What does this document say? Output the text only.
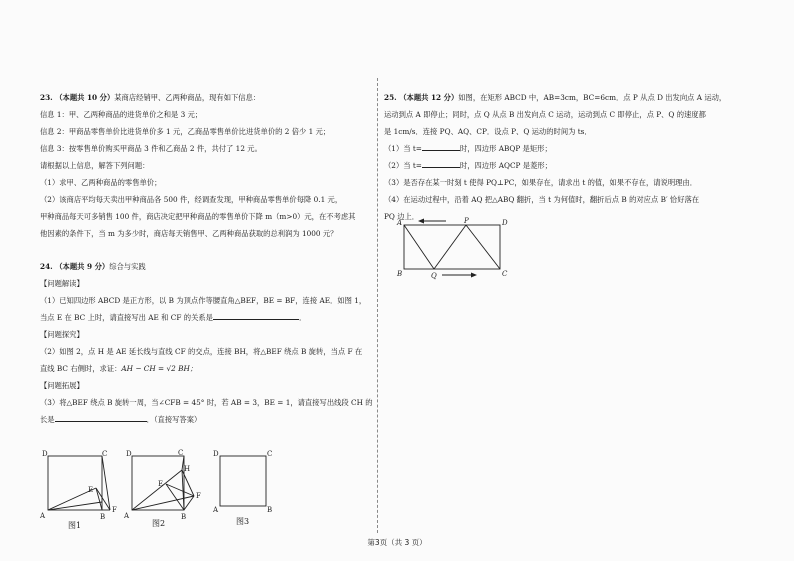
23. （本题共 10 分）某商店经销甲、乙两种商品，现有如下信息：
信息 1：甲、乙两种商品的进货单价之和是 3 元；
信息 2：甲商品零售单价比进货单价多 1 元，乙商品零售单价比进货单价的 2 倍少 1 元；
信息 3：按零售单价购买甲商品 3 件和乙商品 2 件，共付了 12 元。
请根据以上信息，解答下列问题：
（1）求甲、乙两种商品的零售单价；
（2）该商店平均每天卖出甲种商品各 500 件，经调查发现，甲种商品零售单价每降 0.1 元，
甲种商品每天可多销售 100 件，商店决定把甲种商品的零售单价下降 m（m>0）元，在不考虑其
他因素的条件下，当 m 为多少时，商店每天销售甲、乙两种商品获取的总利润为 1000 元？
24. （本题共 9 分）综合与实践
【问题解读】
（1）已知四边形 ABCD 是正方形，以 B 为顶点作等腰直角△BEF，BE = BF，连接 AE．如图 1，
当点 E 在 BC 上时，请直接写出 AE 和 CF 的关系是	．
【问题探究】
（2）如图 2，点 H 是 AE 延长线与直线 CF 的交点，连接 BH，将△BEF 绕点 B 旋转，当点 F 在
直线 BC 右侧时，求证：AH − CH = √2 BH；
【问题拓展】
（3）将△BEF 绕点 B 旋转一周，当∠CFB = 45° 时，若 AB = 3，BE = 1，请直接写出线段 CH 的
长是	．（直接写答案）
D	C
A	B
E
F
图1
D	C
H
E
F
A	B
图2
D	C
A	B
图3
25. （本题共 12 分）如图，在矩形 ABCD 中，AB=3cm，BC=6cm．点 P 从点 D 出发向点 A 运动，
运动到点 A 即停止；同时，点 Q 从点 B 出发向点 C 运动，运动到点 C 即停止，点 P、Q 的速度都
是 1cm/s．连接 PQ、AQ、CP．设点 P、Q 运动的时间为 ts．
（1）当 t=	时，四边形 ABQP 是矩形；
（2）当 t=	时，四边形 AQCP 是菱形；
（3）是否存在某一时刻 t 使得 PQ⊥PC，如果存在，请求出 t 的值，如果不存在，请说明理由．
（4）在运动过程中，沿着 AQ 把△ABQ 翻折，当 t 为何值时，翻折后点 B 的对应点 B′ 恰好落在
PQ 边上．
A	D
P
B	Q	C
第3页（共 3 页）
